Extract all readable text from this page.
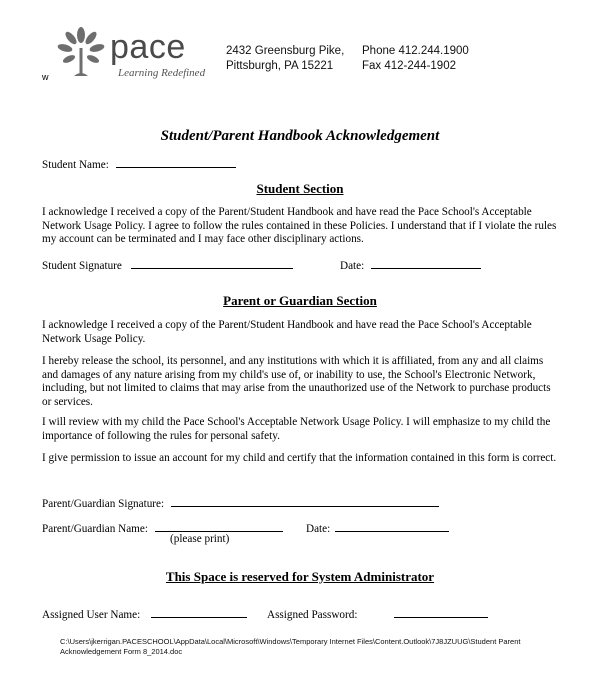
pace
Learning Redefined
w
2432 Greensburg Pike,
Pittsburgh, PA 15221
Phone 412.244.1900
Fax 412-244-1902
Student/Parent Handbook Acknowledgement
Student Name:
Student Section
I acknowledge I received a copy of the Parent/Student Handbook and have read the Pace School's Acceptable Network Usage Policy. I agree to follow the rules contained in these Policies. I understand that if I violate the rules my account can be terminated and I may face other disciplinary actions.
Student Signature	Date:
Parent or Guardian Section
I acknowledge I received a copy of the Parent/Student Handbook and have read the Pace School's Acceptable Network Usage Policy.
I hereby release the school, its personnel, and any institutions with which it is affiliated, from any and all claims and damages of any nature arising from my child's use of, or inability to use, the School's Electronic Network, including, but not limited to claims that may arise from the unauthorized use of the Network to purchase products or services.
I will review with my child the Pace School's Acceptable Network Usage Policy. I will emphasize to my child the importance of following the rules for personal safety.
I give permission to issue an account for my child and certify that the information contained in this form is correct.
Parent/Guardian Signature:
Parent/Guardian Name:	Date:
(please print)
This Space is reserved for System Administrator
Assigned User Name:	Assigned Password:
C:\Users\jkerrigan.PACESCHOOL\AppData\Local\Microsoft\Windows\Temporary Internet Files\Content.Outlook\7J8JZUUG\Student Parent Acknowledgement Form 8_2014.doc
